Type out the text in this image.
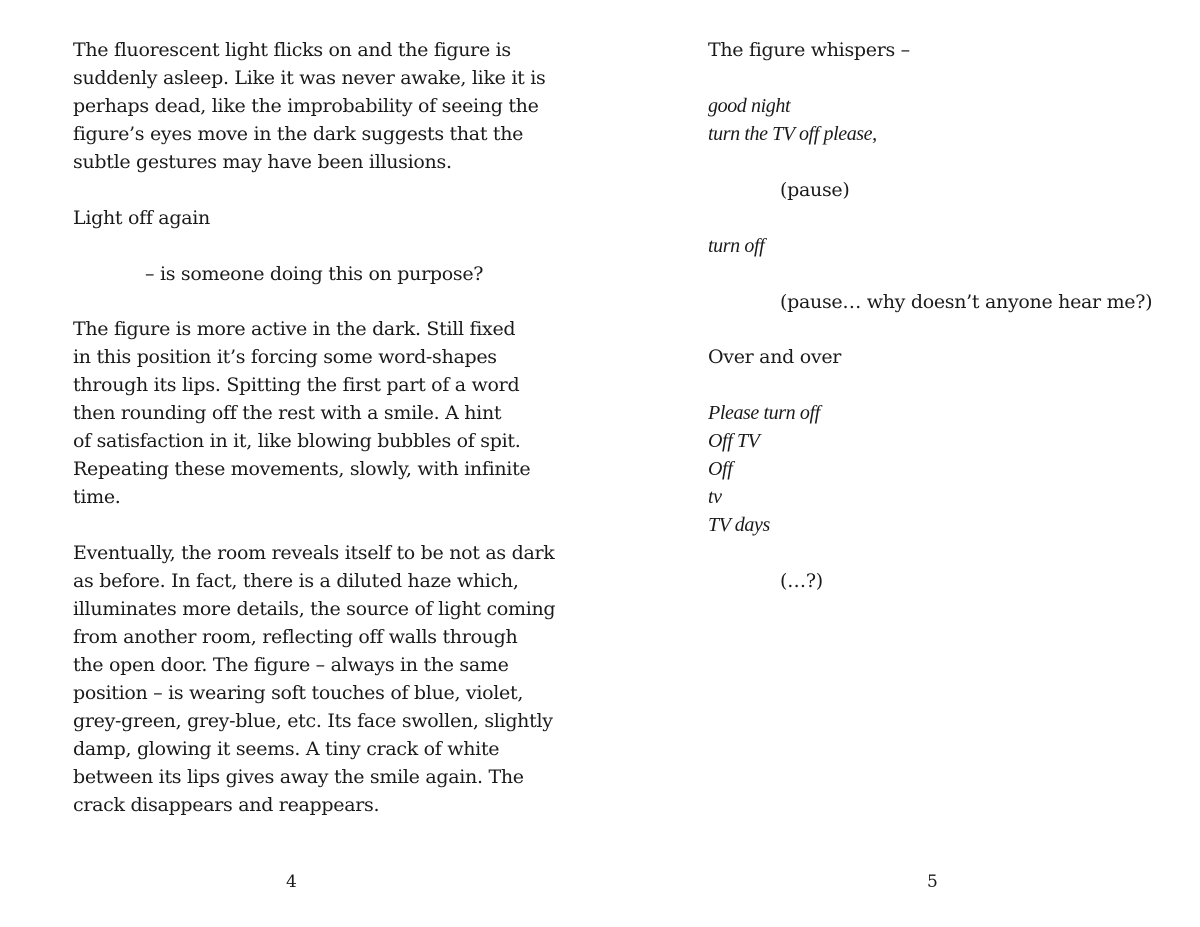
The fluorescent light flicks on and the figure is
suddenly asleep. Like it was never awake, like it is
perhaps dead, like the improbability of seeing the
figure’s eyes move in the dark suggests that the
subtle gestures may have been illusions.
Light off again
– is someone doing this on purpose?
The figure is more active in the dark. Still fixed
in this position it’s forcing some word-shapes
through its lips. Spitting the first part of a word
then rounding off the rest with a smile. A hint
of satisfaction in it, like blowing bubbles of spit.
Repeating these movements, slowly, with infinite
time.
Eventually, the room reveals itself to be not as dark
as before. In fact, there is a diluted haze which,
illuminates more details, the source of light coming
from another room, reflecting off walls through
the open door. The figure – always in the same
position – is wearing soft touches of blue, violet,
grey-green, grey-blue, etc. Its face swollen, slightly
damp, glowing it seems. A tiny crack of white
between its lips gives away the smile again. The
crack disappears and reappears.
4
The figure whispers –
good night
turn the TV off please,
(pause)
turn off
(pause… why doesn’t anyone hear me?)
Over and over
Please turn off
Off TV
Off
tv
TV days
(…?)
5
